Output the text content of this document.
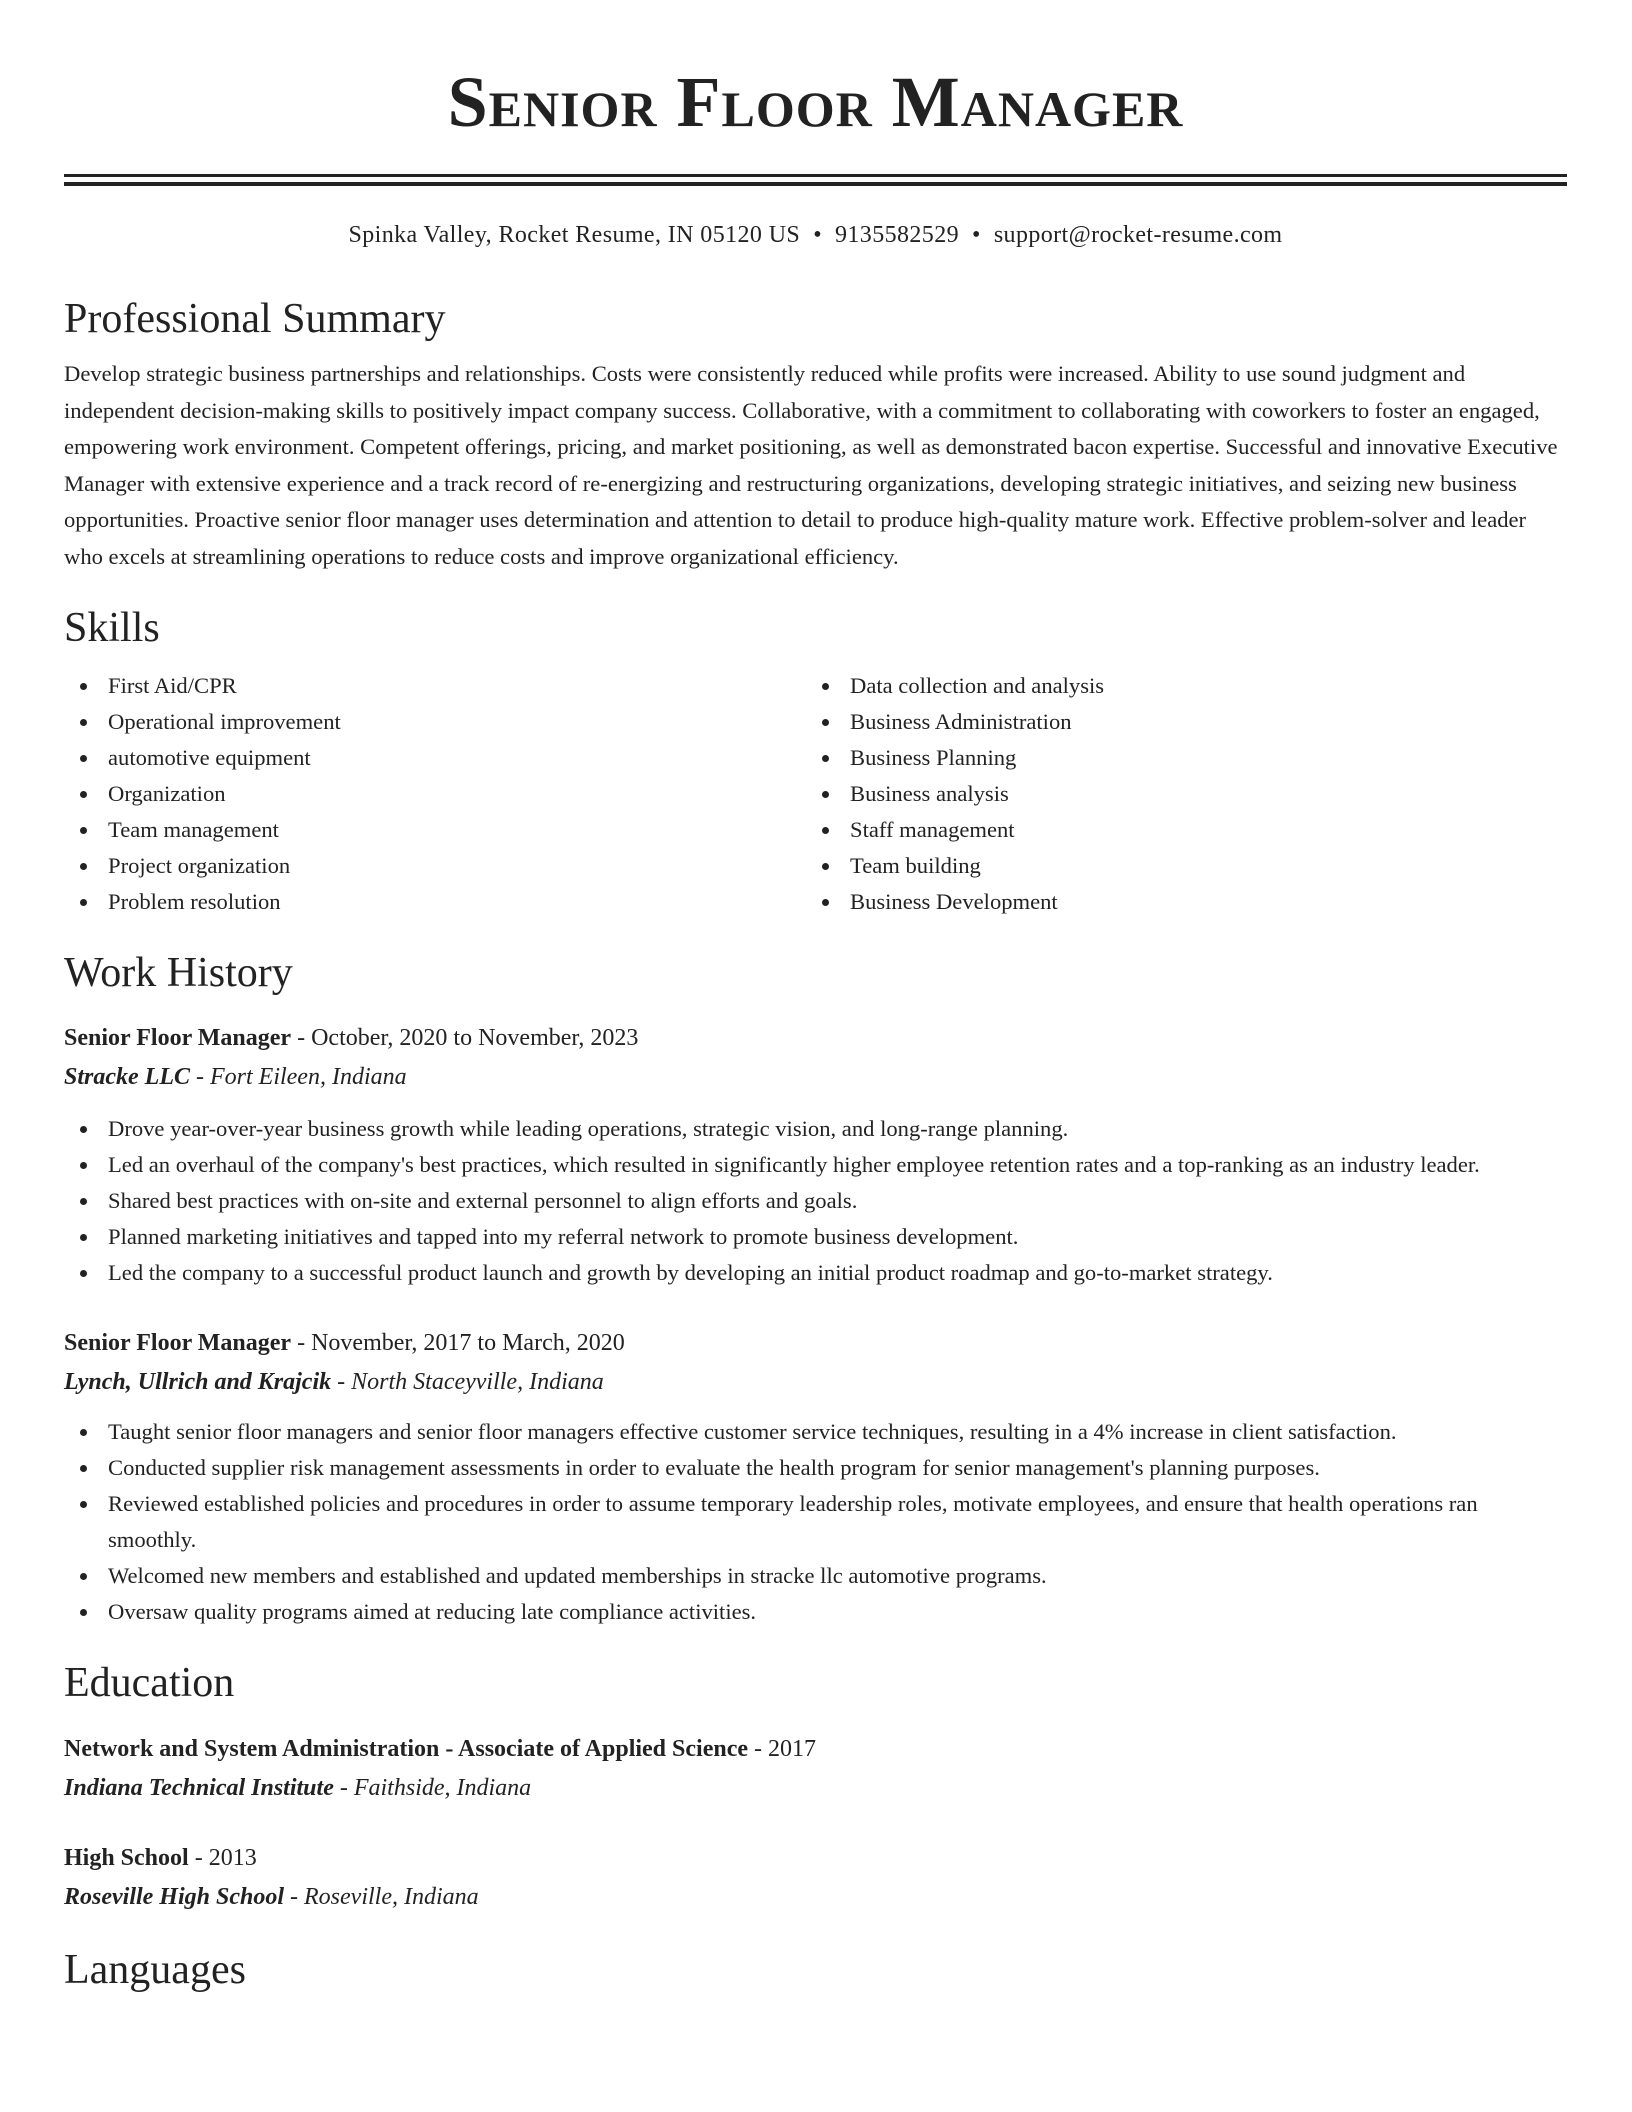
Senior Floor Manager
Spinka Valley, Rocket Resume, IN 05120 US • 9135582529 • support@rocket-resume.com
Professional Summary

Develop strategic business partnerships and relationships. Costs were consistently reduced while profits were increased. Ability to use sound judgment and independent decision-making skills to positively impact company success. Collaborative, with a commitment to collaborating with coworkers to foster an engaged, empowering work environment. Competent offerings, pricing, and market positioning, as well as demonstrated bacon expertise. Successful and innovative Executive Manager with extensive experience and a track record of re-energizing and restructuring organizations, developing strategic initiatives, and seizing new business opportunities. Proactive senior floor manager uses determination and attention to detail to produce high-quality mature work. Effective problem-solver and leader who excels at streamlining operations to reduce costs and improve organizational efficiency.

Skills
First Aid/CPR
Operational improvement
automotive equipment
Organization
Team management
Project organization
Problem resolution
Data collection and analysis
Business Administration
Business Planning
Business analysis
Staff management
Team building
Business Development
Work History
Senior Floor Manager - October, 2020 to November, 2023
Stracke LLC - Fort Eileen, Indiana
Drove year-over-year business growth while leading operations, strategic vision, and long-range planning.
Led an overhaul of the company's best practices, which resulted in significantly higher employee retention rates and a top-ranking as an industry leader.
Shared best practices with on-site and external personnel to align efforts and goals.
Planned marketing initiatives and tapped into my referral network to promote business development.
Led the company to a successful product launch and growth by developing an initial product roadmap and go-to-market strategy.
Senior Floor Manager - November, 2017 to March, 2020
Lynch, Ullrich and Krajcik - North Staceyville, Indiana
Taught senior floor managers and senior floor managers effective customer service techniques, resulting in a 4% increase in client satisfaction.
Conducted supplier risk management assessments in order to evaluate the health program for senior management's planning purposes.
Reviewed established policies and procedures in order to assume temporary leadership roles, motivate employees, and ensure that health operations ran smoothly.
Welcomed new members and established and updated memberships in stracke llc automotive programs.
Oversaw quality programs aimed at reducing late compliance activities.
Education
Network and System Administration - Associate of Applied Science - 2017
Indiana Technical Institute - Faithside, Indiana
High School - 2013
Roseville High School - Roseville, Indiana
Languages
